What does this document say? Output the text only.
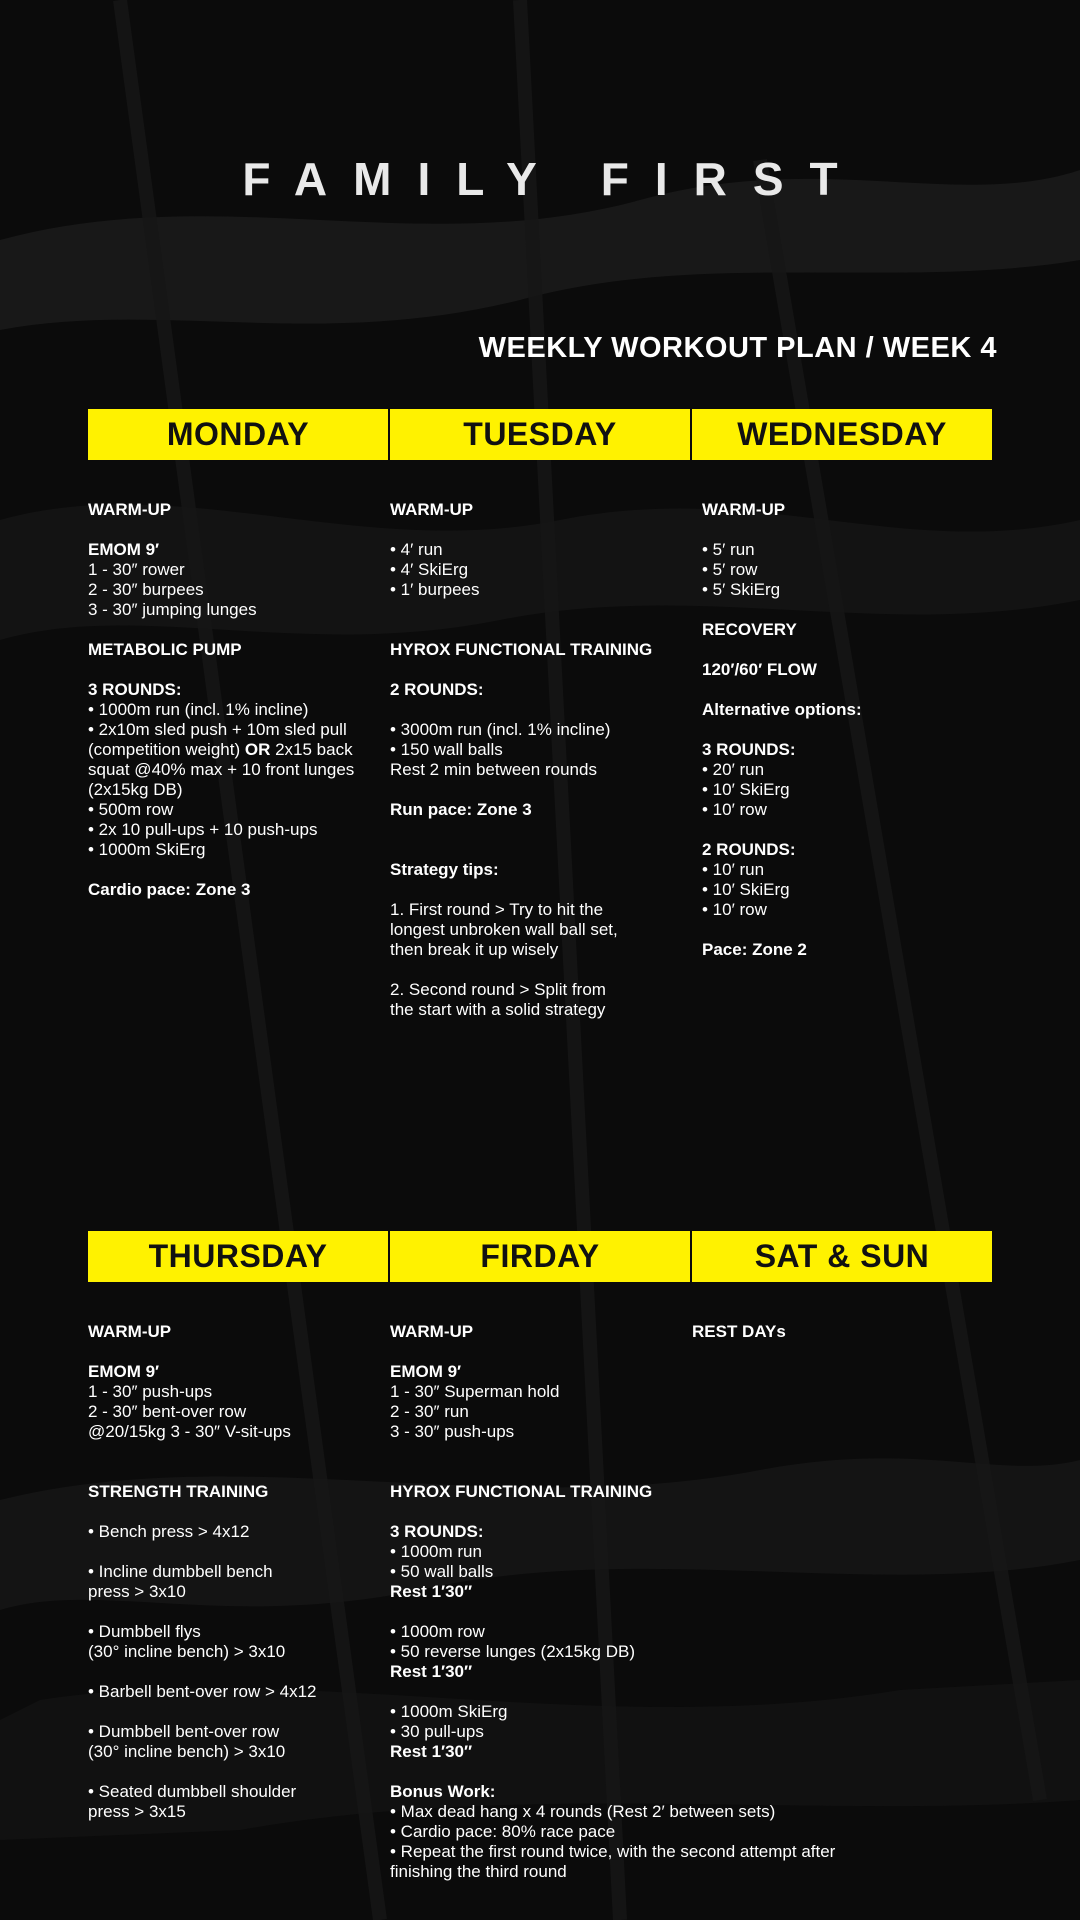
FAMILY FIRST
WEEKLY WORKOUT PLAN / WEEK 4
MONDAY	TUESDAY	WEDNESDAY
WARM-UP
EMOM 9′
1 - 30″ rower
2 - 30″ burpees
3 - 30″ jumping lunges
METABOLIC PUMP
3 ROUNDS:
• 1000m run (incl. 1% incline)
• 2x10m sled push + 10m sled pull
(competition weight) OR 2x15 back
squat @40% max + 10 front lunges
(2x15kg DB)
• 500m row
• 2x 10 pull-ups + 10 push-ups
• 1000m SkiErg
Cardio pace: Zone 3
WARM-UP
• 4′ run
• 4′ SkiErg
• 1′ burpees
HYROX FUNCTIONAL TRAINING
2 ROUNDS:
• 3000m run (incl. 1% incline)
• 150 wall balls
Rest 2 min between rounds
Run pace: Zone 3
Strategy tips:
1. First round > Try to hit the
longest unbroken wall ball set,
then break it up wisely
2. Second round > Split from
the start with a solid strategy
WARM-UP
• 5′ run
• 5′ row
• 5′ SkiErg
RECOVERY
120′/60′ FLOW
Alternative options:
3 ROUNDS:
• 20′ run
• 10′ SkiErg
• 10′ row
2 ROUNDS:
• 10′ run
• 10′ SkiErg
• 10′ row
Pace: Zone 2
THURSDAY	FIRDAY	SAT & SUN
WARM-UP
EMOM 9′
1 - 30″ push-ups
2 - 30″ bent-over row
@20/15kg 3 - 30″ V-sit-ups
STRENGTH TRAINING
• Bench press > 4x12
• Incline dumbbell bench
press > 3x10
• Dumbbell flys
(30° incline bench) > 3x10
• Barbell bent-over row > 4x12
• Dumbbell bent-over row
(30° incline bench) > 3x10
• Seated dumbbell shoulder
press > 3x15
WARM-UP
EMOM 9′
1 - 30″ Superman hold
2 - 30″ run
3 - 30″ push-ups
HYROX FUNCTIONAL TRAINING
3 ROUNDS:
• 1000m run
• 50 wall balls
Rest 1′30″
• 1000m row
• 50 reverse lunges (2x15kg DB)
Rest 1′30″
• 1000m SkiErg
• 30 pull-ups
Rest 1′30″
Bonus Work:
• Max dead hang x 4 rounds (Rest 2′ between sets)
• Cardio pace: 80% race pace
• Repeat the first round twice, with the second attempt after
finishing the third round
REST DAYs
